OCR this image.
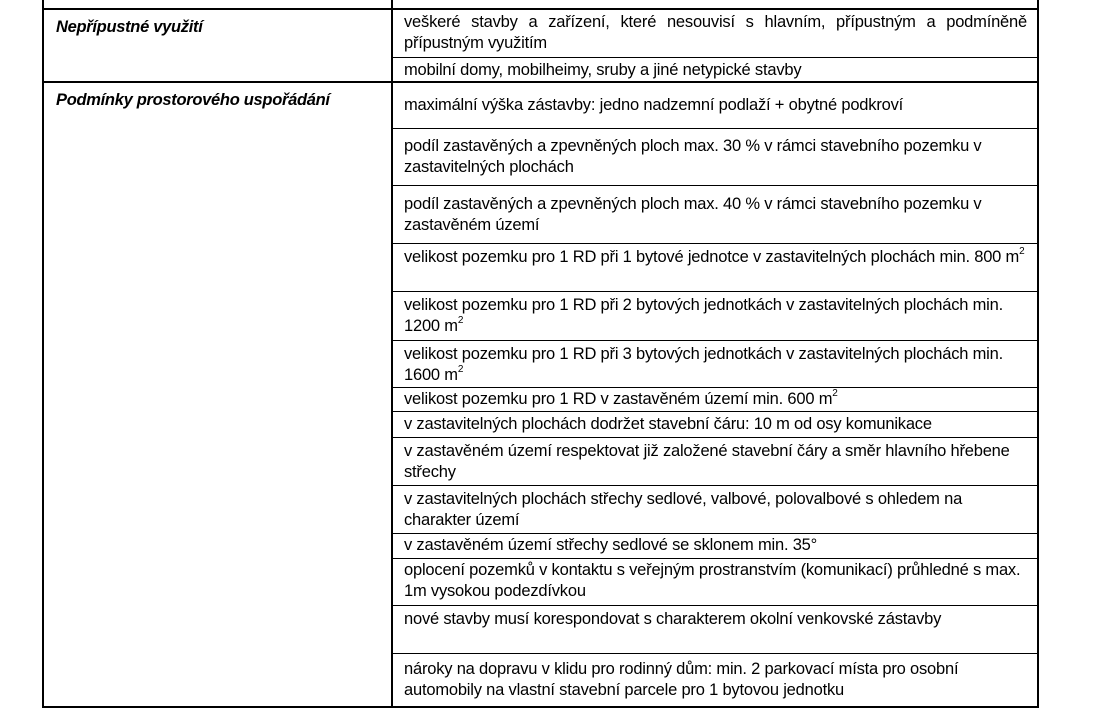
Nepřípustné využití	veškeré stavby a zařízení, které nesouvisí s hlavním, přípustným a podmíněně přípustným využitím
mobilní domy, mobilheimy, sruby a jiné netypické stavby
Podmínky prostorového uspořádání	maximální výška zástavby: jedno nadzemní podlaží + obytné podkroví
podíl zastavěných a zpevněných ploch max. 30 % v rámci stavebního pozemku v zastavitelných plochách
podíl zastavěných a zpevněných ploch max. 40 % v rámci stavebního pozemku v zastavěném území
velikost pozemku pro 1 RD při 1 bytové jednotce v zastavitelných plochách min. 800 $m^2$
velikost pozemku pro 1 RD při 2 bytových jednotkách v zastavitelných plochách min. 1200 $m^2$
velikost pozemku pro 1 RD při 3 bytových jednotkách v zastavitelných plochách min. 1600 $m^2$
velikost pozemku pro 1 RD v zastavěném území min. 600 $m^2$
v zastavitelných plochách dodržet stavební čáru: 10 m od osy komunikace
v zastavěném území respektovat již založené stavební čáry a směr hlavního hřebene střechy
v zastavitelných plochách střechy sedlové, valbové, polovalbové s ohledem na charakter území
v zastavěném území střechy sedlové se sklonem min. 35°
oplocení pozemků v kontaktu s veřejným prostranstvím (komunikací) průhledné s max. 1m vysokou podezdívkou
nové stavby musí korespondovat s charakterem okolní venkovské zástavby
nároky na dopravu v klidu pro rodinný dům: min. 2 parkovací místa pro osobní automobily na vlastní stavební parcele pro 1 bytovou jednotku
